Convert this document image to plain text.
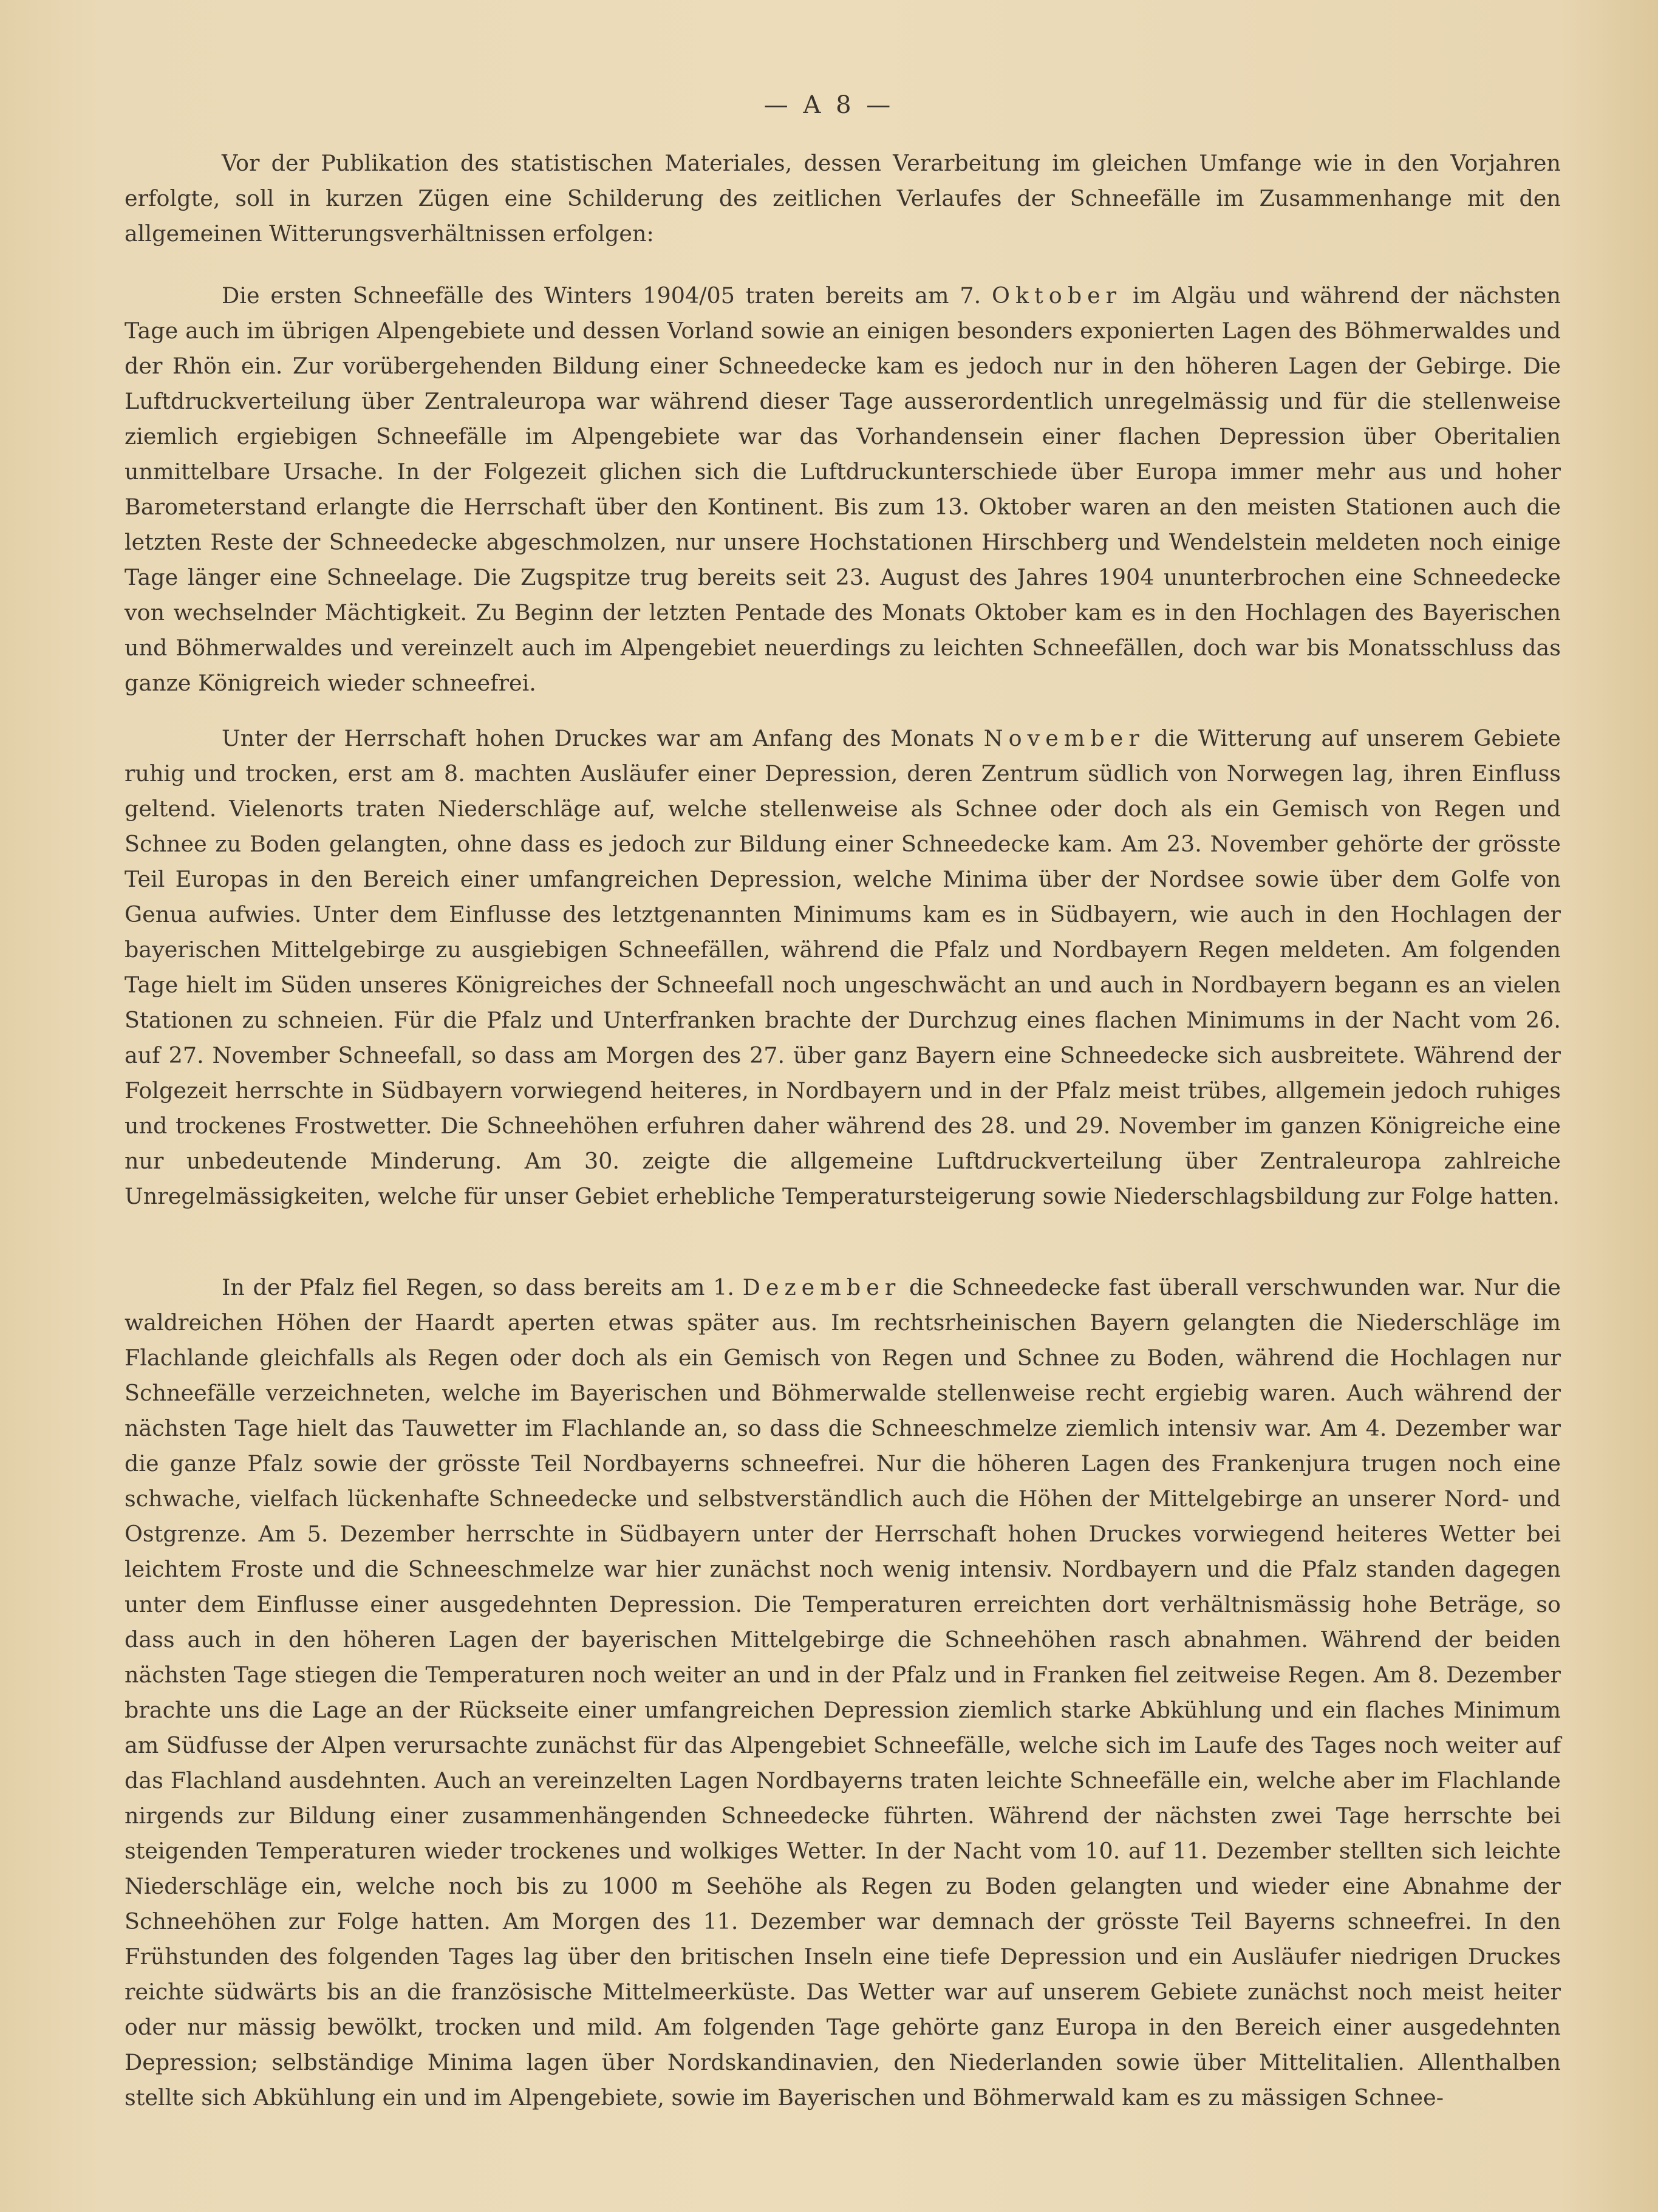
— A 8 —

Vor der Publikation des statistischen Materiales, dessen Verarbeitung im gleichen Umfange wie in den Vorjahren erfolgte, soll in kurzen Zügen eine Schilderung des zeitlichen Verlaufes der Schneefälle im Zusammenhange mit den allgemeinen Witterungsverhältnissen erfolgen:

Die ersten Schneefälle des Winters 1904/05 traten bereits am 7. Oktober im Algäu und während der nächsten Tage auch im übrigen Alpengebiete und dessen Vorland sowie an einigen besonders exponierten Lagen des Böhmerwaldes und der Rhön ein. Zur vorübergehenden Bildung einer Schneedecke kam es jedoch nur in den höheren Lagen der Gebirge. Die Luftdruckverteilung über Zentraleuropa war während dieser Tage ausserordentlich unregelmässig und für die stellenweise ziemlich ergiebigen Schneefälle im Alpengebiete war das Vorhandensein einer flachen Depression über Oberitalien unmittelbare Ursache. In der Folgezeit glichen sich die Luftdruckunterschiede über Europa immer mehr aus und hoher Barometerstand erlangte die Herrschaft über den Kontinent. Bis zum 13. Oktober waren an den meisten Stationen auch die letzten Reste der Schneedecke abgeschmolzen, nur unsere Hochstationen Hirschberg und Wendelstein meldeten noch einige Tage länger eine Schneelage. Die Zugspitze trug bereits seit 23. August des Jahres 1904 ununterbrochen eine Schneedecke von wechselnder Mächtigkeit. Zu Beginn der letzten Pentade des Monats Oktober kam es in den Hochlagen des Bayerischen und Böhmerwaldes und vereinzelt auch im Alpengebiet neuerdings zu leichten Schneefällen, doch war bis Monatsschluss das ganze Königreich wieder schneefrei.

Unter der Herrschaft hohen Druckes war am Anfang des Monats November die Witterung auf unserem Gebiete ruhig und trocken, erst am 8. machten Ausläufer einer Depression, deren Zentrum südlich von Norwegen lag, ihren Einfluss geltend. Vielenorts traten Niederschläge auf, welche stellenweise als Schnee oder doch als ein Gemisch von Regen und Schnee zu Boden gelangten, ohne dass es jedoch zur Bildung einer Schneedecke kam. Am 23. November gehörte der grösste Teil Europas in den Bereich einer umfangreichen Depression, welche Minima über der Nordsee sowie über dem Golfe von Genua aufwies. Unter dem Einflusse des letztgenannten Minimums kam es in Südbayern, wie auch in den Hochlagen der bayerischen Mittelgebirge zu ausgiebigen Schneefällen, während die Pfalz und Nordbayern Regen meldeten. Am folgenden Tage hielt im Süden unseres Königreiches der Schneefall noch ungeschwächt an und auch in Nordbayern begann es an vielen Stationen zu schneien. Für die Pfalz und Unterfranken brachte der Durchzug eines flachen Minimums in der Nacht vom 26. auf 27. November Schneefall, so dass am Morgen des 27. über ganz Bayern eine Schneedecke sich ausbreitete. Während der Folgezeit herrschte in Südbayern vorwiegend heiteres, in Nordbayern und in der Pfalz meist trübes, allgemein jedoch ruhiges und trockenes Frostwetter. Die Schneehöhen erfuhren daher während des 28. und 29. November im ganzen Königreiche eine nur unbedeutende Minderung. Am 30. zeigte die allgemeine Luftdruckverteilung über Zentraleuropa zahlreiche Unregelmässigkeiten, welche für unser Gebiet erhebliche Temperatursteigerung sowie Niederschlagsbildung zur Folge hatten.

In der Pfalz fiel Regen, so dass bereits am 1. Dezember die Schneedecke fast überall verschwunden war. Nur die waldreichen Höhen der Haardt aperten etwas später aus. Im rechtsrheinischen Bayern gelangten die Niederschläge im Flachlande gleichfalls als Regen oder doch als ein Gemisch von Regen und Schnee zu Boden, während die Hochlagen nur Schneefälle verzeichneten, welche im Bayerischen und Böhmerwalde stellenweise recht ergiebig waren. Auch während der nächsten Tage hielt das Tauwetter im Flachlande an, so dass die Schneeschmelze ziemlich intensiv war. Am 4. Dezember war die ganze Pfalz sowie der grösste Teil Nordbayerns schneefrei. Nur die höheren Lagen des Frankenjura trugen noch eine schwache, vielfach lückenhafte Schneedecke und selbstverständlich auch die Höhen der Mittelgebirge an unserer Nord- und Ostgrenze. Am 5. Dezember herrschte in Südbayern unter der Herrschaft hohen Druckes vorwiegend heiteres Wetter bei leichtem Froste und die Schneeschmelze war hier zunächst noch wenig intensiv. Nordbayern und die Pfalz standen dagegen unter dem Einflusse einer ausgedehnten Depression. Die Temperaturen erreichten dort verhältnismässig hohe Beträge, so dass auch in den höheren Lagen der bayerischen Mittelgebirge die Schneehöhen rasch abnahmen. Während der beiden nächsten Tage stiegen die Temperaturen noch weiter an und in der Pfalz und in Franken fiel zeitweise Regen. Am 8. Dezember brachte uns die Lage an der Rückseite einer umfangreichen Depression ziemlich starke Abkühlung und ein flaches Minimum am Südfusse der Alpen verursachte zunächst für das Alpengebiet Schneefälle, welche sich im Laufe des Tages noch weiter auf das Flachland ausdehnten. Auch an vereinzelten Lagen Nordbayerns traten leichte Schneefälle ein, welche aber im Flachlande nirgends zur Bildung einer zusammenhängenden Schneedecke führten. Während der nächsten zwei Tage herrschte bei steigenden Temperaturen wieder trockenes und wolkiges Wetter. In der Nacht vom 10. auf 11. Dezember stellten sich leichte Niederschläge ein, welche noch bis zu 1000 m Seehöhe als Regen zu Boden gelangten und wieder eine Abnahme der Schneehöhen zur Folge hatten. Am Morgen des 11. Dezember war demnach der grösste Teil Bayerns schneefrei. In den Frühstunden des folgenden Tages lag über den britischen Inseln eine tiefe Depression und ein Ausläufer niedrigen Druckes reichte südwärts bis an die französische Mittelmeerküste. Das Wetter war auf unserem Gebiete zunächst noch meist heiter oder nur mässig bewölkt, trocken und mild. Am folgenden Tage gehörte ganz Europa in den Bereich einer ausgedehnten Depression; selbständige Minima lagen über Nordskandinavien, den Niederlanden sowie über Mittelitalien. Allenthalben stellte sich Abkühlung ein und im Alpengebiete, sowie im Bayerischen und Böhmerwald kam es zu mässigen Schnee-
